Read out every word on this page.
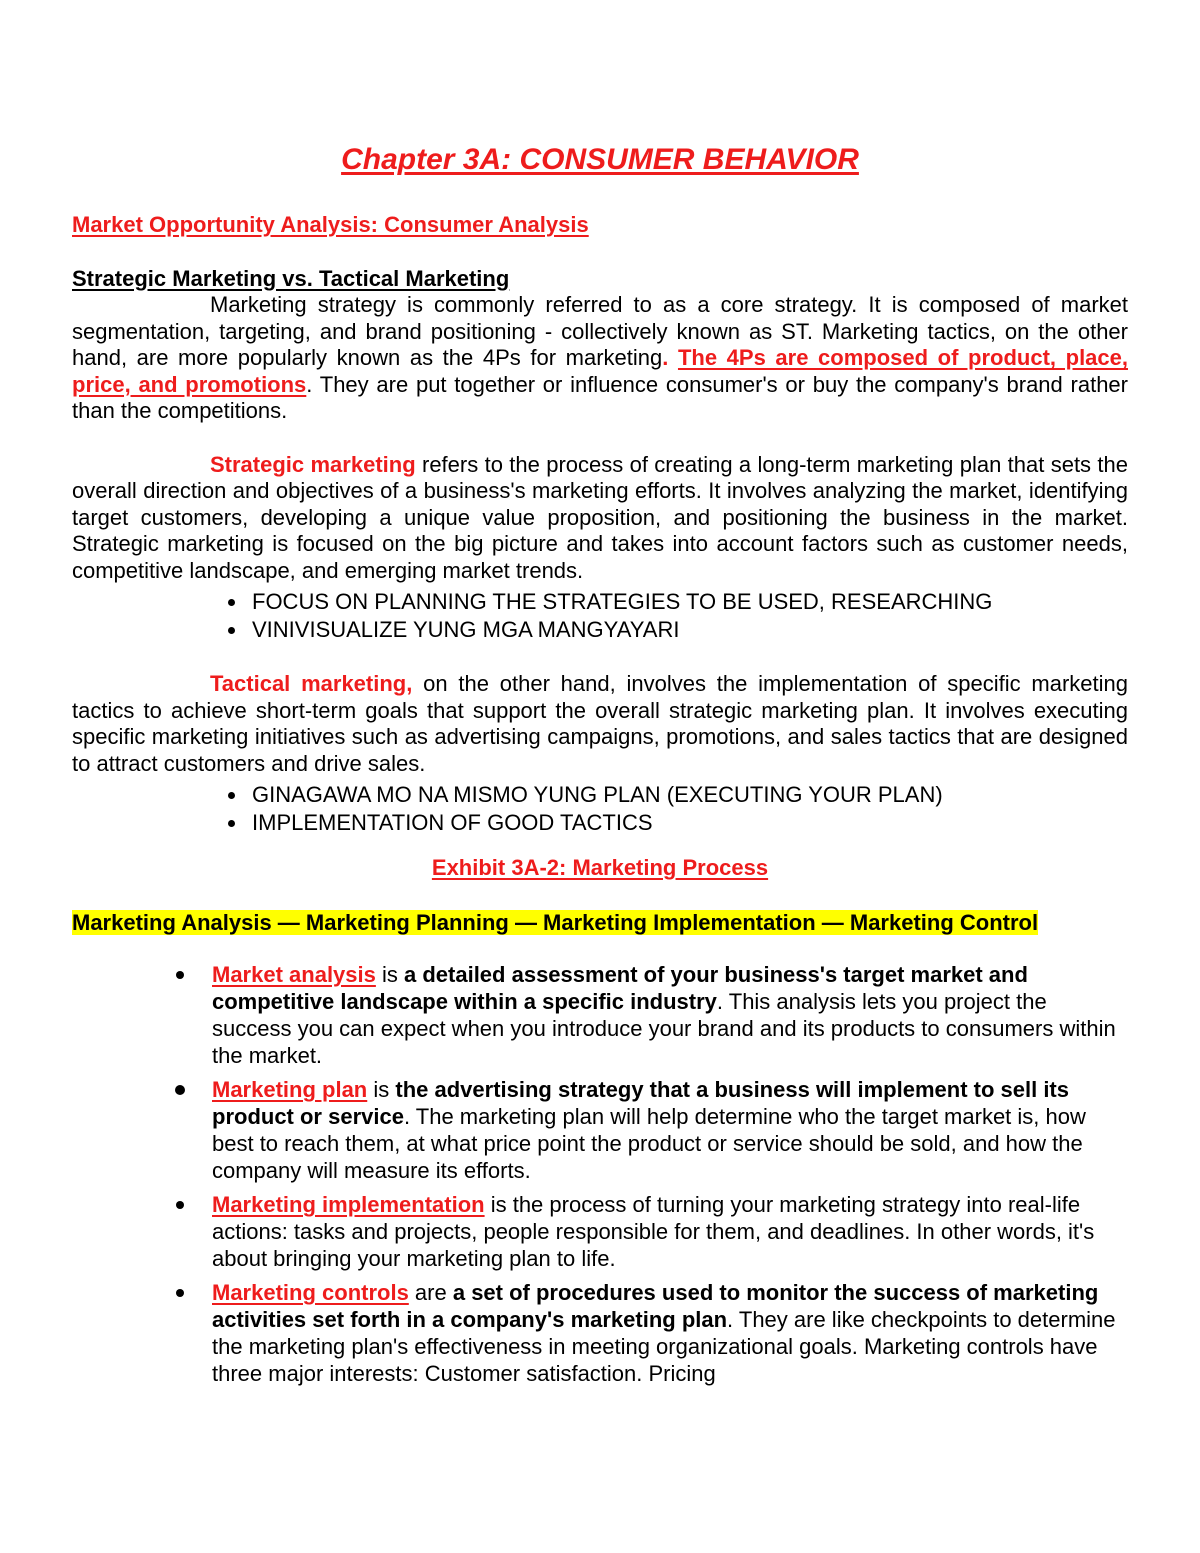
Chapter 3A: CONSUMER BEHAVIOR

Market Opportunity Analysis: Consumer Analysis

Strategic Marketing vs. Tactical Marketing

Marketing strategy is commonly referred to as a core strategy. It is composed of market segmentation, targeting, and brand positioning - collectively known as ST. Marketing tactics, on the other hand, are more popularly known as the 4Ps for marketing. The 4Ps are composed of product, place, price, and promotions. They are put together or influence consumer's or buy the company's brand rather than the competitions.

Strategic marketing refers to the process of creating a long-term marketing plan that sets the overall direction and objectives of a business's marketing efforts. It involves analyzing the market, identifying target customers, developing a unique value proposition, and positioning the business in the market. Strategic marketing is focused on the big picture and takes into account factors such as customer needs, competitive landscape, and emerging market trends.

FOCUS ON PLANNING THE STRATEGIES TO BE USED, RESEARCHING
VINIVISUALIZE YUNG MGA MANGYAYARI

Tactical marketing, on the other hand, involves the implementation of specific marketing tactics to achieve short-term goals that support the overall strategic marketing plan. It involves executing specific marketing initiatives such as advertising campaigns, promotions, and sales tactics that are designed to attract customers and drive sales.

GINAGAWA MO NA MISMO YUNG PLAN (EXECUTING YOUR PLAN)
IMPLEMENTATION OF GOOD TACTICS

Exhibit 3A-2: Marketing Process

Marketing Analysis — Marketing Planning — Marketing Implementation — Marketing Control

Market analysis is a detailed assessment of your business's target market and competitive landscape within a specific industry. This analysis lets you project the success you can expect when you introduce your brand and its products to consumers within the market.
Marketing plan is the advertising strategy that a business will implement to sell its product or service. The marketing plan will help determine who the target market is, how best to reach them, at what price point the product or service should be sold, and how the company will measure its efforts.
Marketing implementation is the process of turning your marketing strategy into real-life actions: tasks and projects, people responsible for them, and deadlines. In other words, it's about bringing your marketing plan to life.
Marketing controls are a set of procedures used to monitor the success of marketing activities set forth in a company's marketing plan. They are like checkpoints to determine the marketing plan's effectiveness in meeting organizational goals. Marketing controls have three major interests: Customer satisfaction. Pricing
